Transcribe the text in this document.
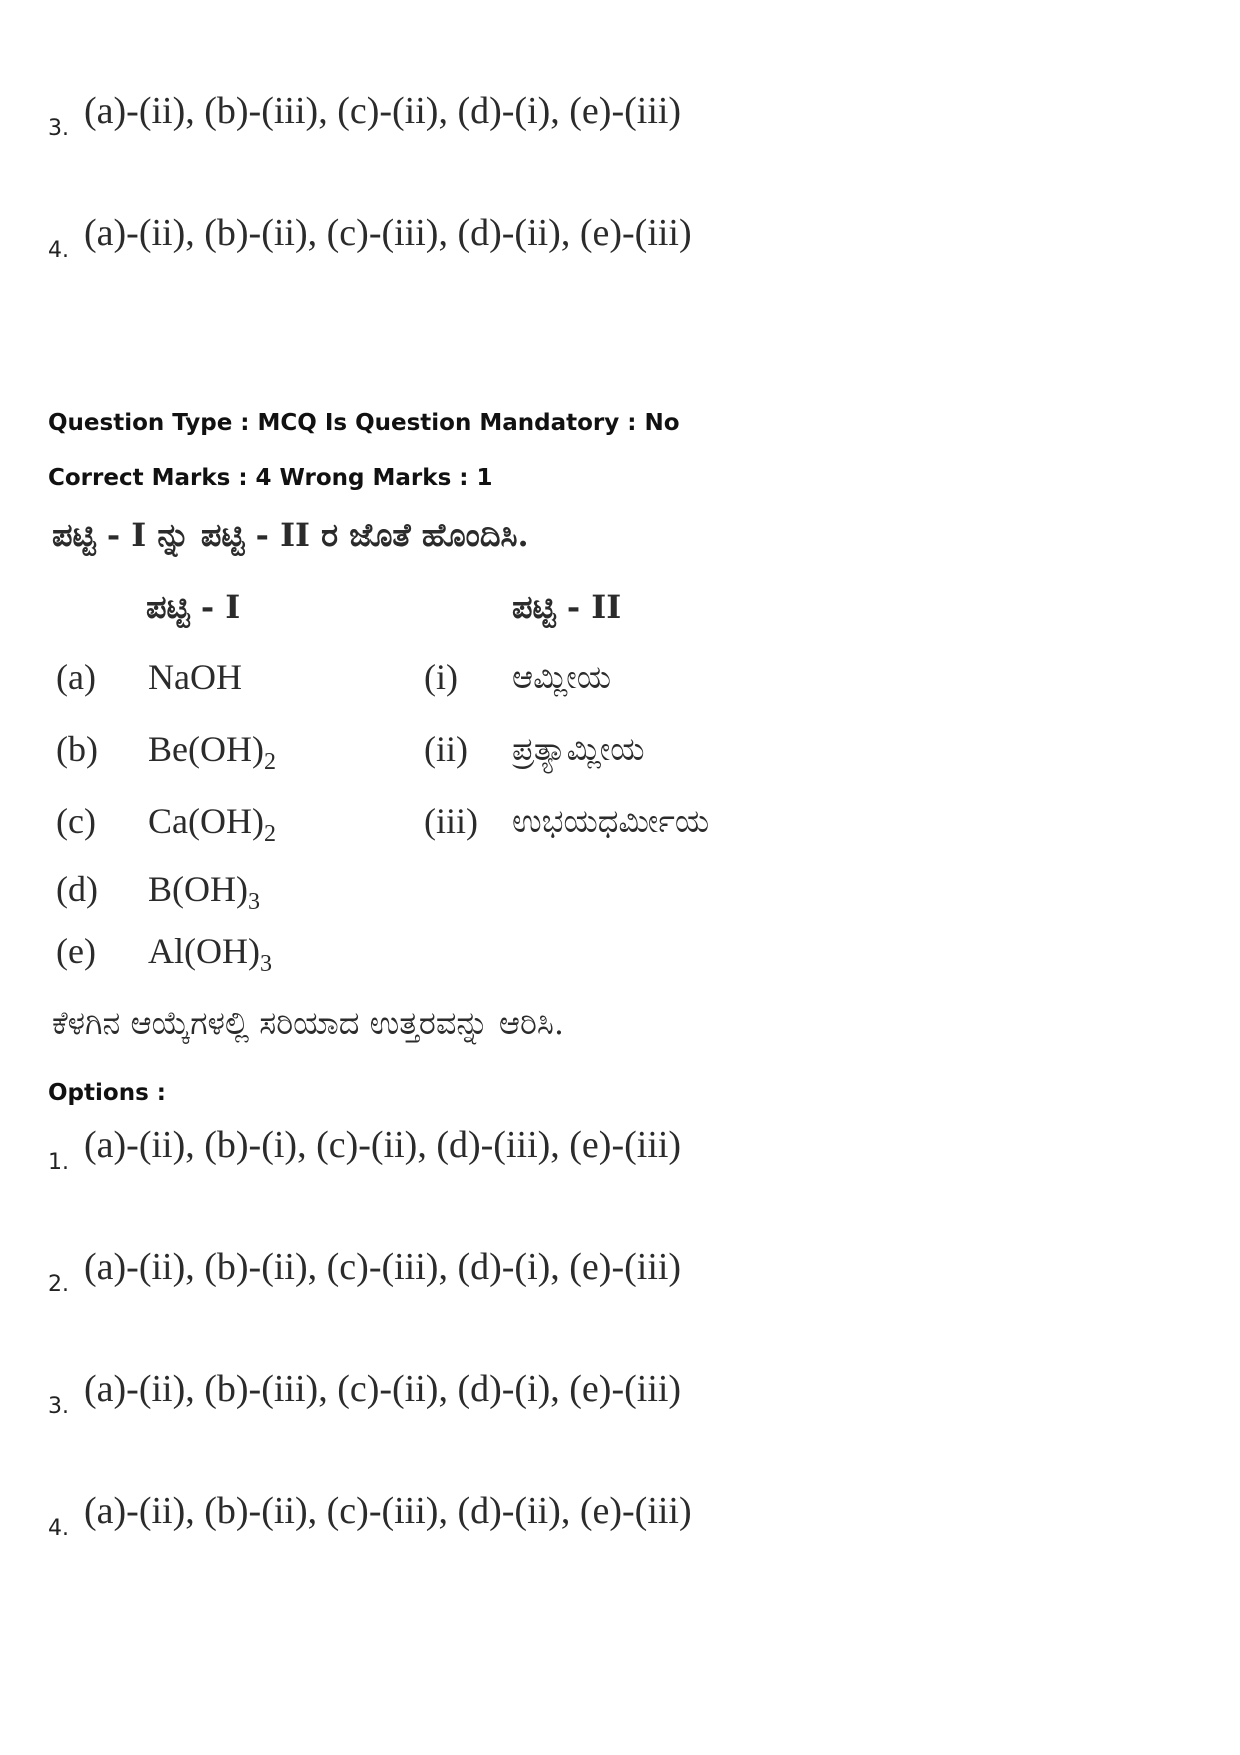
3. (a)-(ii), (b)-(iii), (c)-(ii), (d)-(i), (e)-(iii)
4. (a)-(ii), (b)-(ii), (c)-(iii), (d)-(ii), (e)-(iii)
Question Type : MCQ Is Question Mandatory : No
Correct Marks : 4 Wrong Marks : 1
ಪಟ್ಟಿ - I ನ್ನು ಪಟ್ಟಿ - II ರ ಜೊತೆ ಹೊಂದಿಸಿ.
ಪಟ್ಟಿ - I	ಪಟ್ಟಿ - II
(a) NaOH	(i) ಆಮ್ಲೀಯ
(b) $Be(OH)_2$	(ii) ಪ್ರತ್ಯಾಮ್ಲೀಯ
(c) $Ca(OH)_2$	(iii) ಉಭಯಧರ್ಮೀಯ
(d) $B(OH)_3$
(e) $Al(OH)_3$
ಕೆಳಗಿನ ಆಯ್ಕೆಗಳಲ್ಲಿ ಸರಿಯಾದ ಉತ್ತರವನ್ನು ಆರಿಸಿ.
Options :
1. (a)-(ii), (b)-(i), (c)-(ii), (d)-(iii), (e)-(iii)
2. (a)-(ii), (b)-(ii), (c)-(iii), (d)-(i), (e)-(iii)
3. (a)-(ii), (b)-(iii), (c)-(ii), (d)-(i), (e)-(iii)
4. (a)-(ii), (b)-(ii), (c)-(iii), (d)-(ii), (e)-(iii)
